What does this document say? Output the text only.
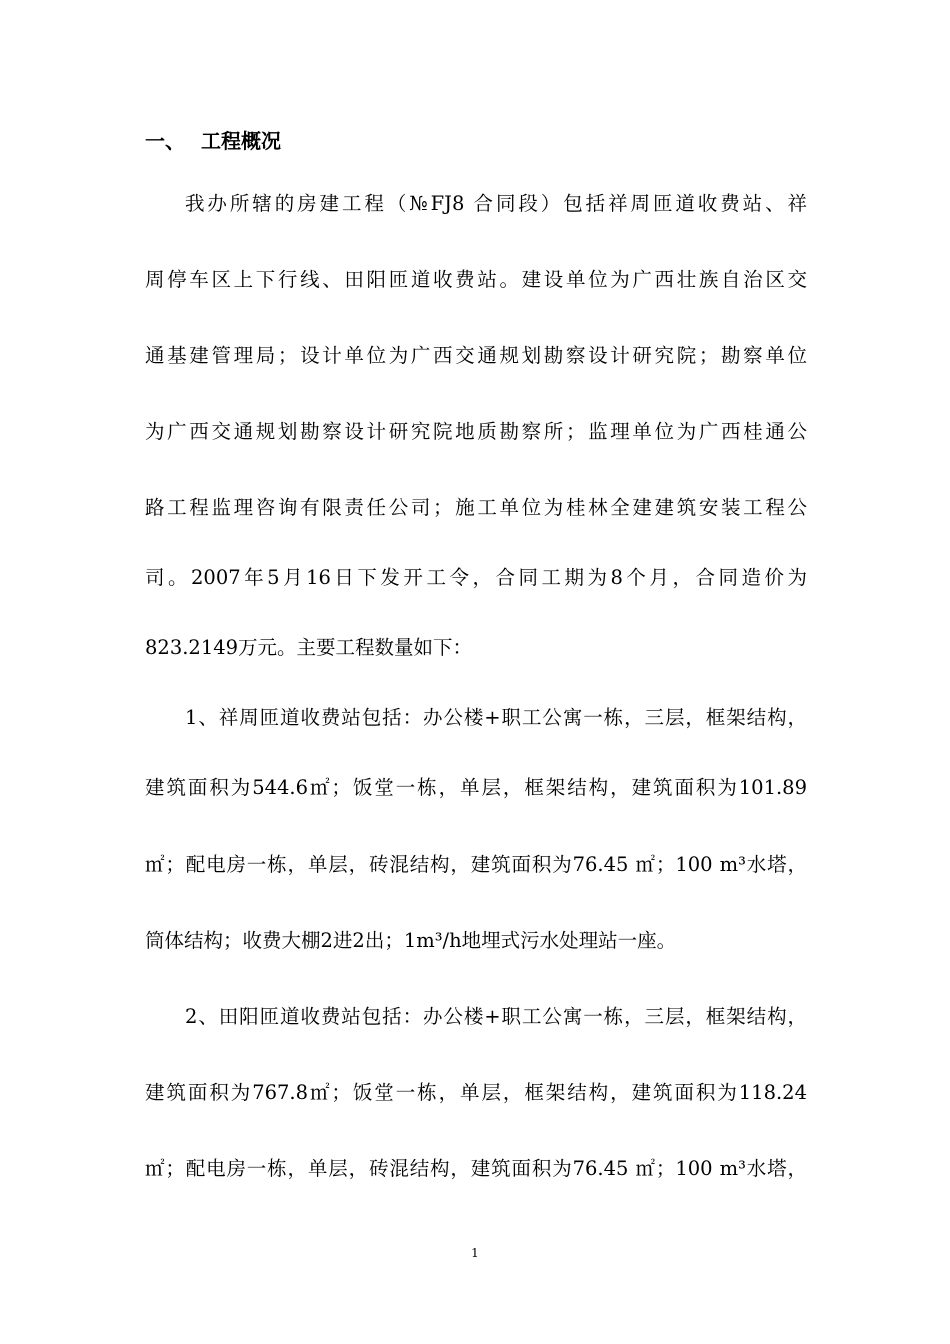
一、 工程概况
我办所辖的房建工程（№FJ8 合同段）包括祥周匝道收费站、祥
周停车区上下行线、田阳匝道收费站。建设单位为广西壮族自治区交
通基建管理局；设计单位为广西交通规划勘察设计研究院；勘察单位
为广西交通规划勘察设计研究院地质勘察所；监理单位为广西桂通公
路工程监理咨询有限责任公司；施工单位为桂林全建建筑安装工程公
司。2007年5月16日下发开工令，合同工期为8个月，合同造价为
823.2149万元。主要工程数量如下：
1、祥周匝道收费站包括：办公楼+职工公寓一栋，三层，框架结构，
建筑面积为544.6㎡；饭堂一栋，单层，框架结构，建筑面积为101.89
㎡；配电房一栋，单层，砖混结构，建筑面积为76.45 ㎡；100 m³水塔，
筒体结构；收费大棚2进2出；1m³/h地埋式污水处理站一座。
2、田阳匝道收费站包括：办公楼+职工公寓一栋，三层，框架结构，
建筑面积为767.8㎡；饭堂一栋，单层，框架结构，建筑面积为118.24
㎡；配电房一栋，单层，砖混结构，建筑面积为76.45 ㎡；100 m³水塔，
1
